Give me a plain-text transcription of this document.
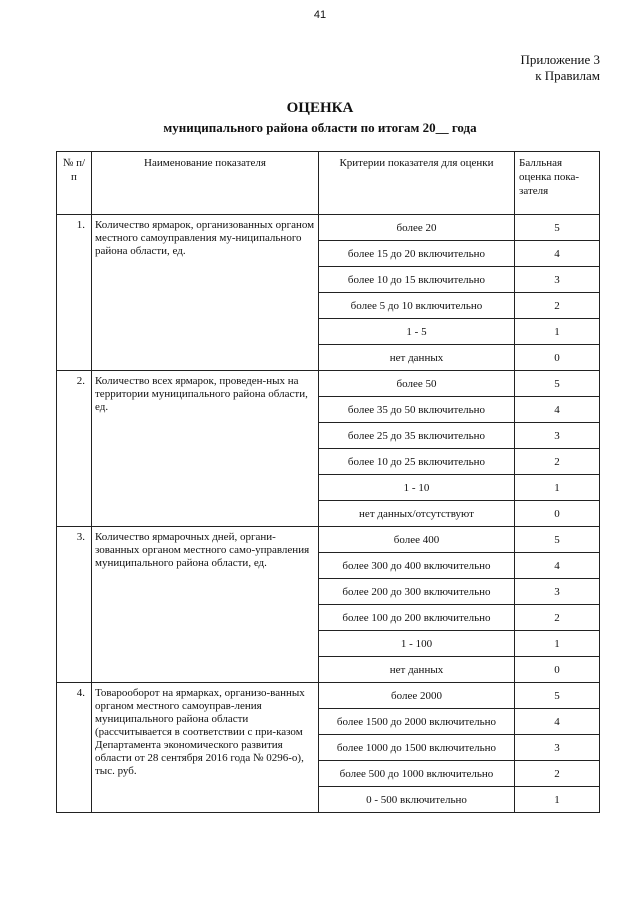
41
Приложение 3
к Правилам
ОЦЕНКА
муниципального района области по итогам 20__ года
№ п/п	Наименование показателя	Критерии показателя для оценки	Балльная оценка пока-зателя
1.	Количество ярмарок, организованных органом местного самоуправления му-ниципального района области, ед.	более 20	5
		более 15 до 20 включительно	4
		более 10 до 15 включительно	3
		более 5 до 10 включительно	2
		1 - 5	1
		нет данных	0
2.	Количество всех ярмарок, проведен-ных на территории муниципального района области, ед.	более 50	5
		более 35 до 50 включительно	4
		более 25 до 35 включительно	3
		более 10 до 25 включительно	2
		1 - 10	1
		нет данных/отсутствуют	0
3.	Количество ярмарочных дней, органи-зованных органом местного само-управления муниципального района области, ед.	более 400	5
		более 300 до 400 включительно	4
		более 200 до 300 включительно	3
		более 100 до 200 включительно	2
		1 - 100	1
		нет данных	0
4.	Товарооборот на ярмарках, организо-ванных органом местного самоуправ-ления муниципального района области (рассчитывается в соответствии с при-казом Департамента экономического развития области от 28 сентября 2016 года № 0296-о), тыс. руб.	более 2000	5
		более 1500 до 2000 включительно	4
		более 1000 до 1500 включительно	3
		более 500 до 1000 включительно	2
		0 - 500 включительно	1
